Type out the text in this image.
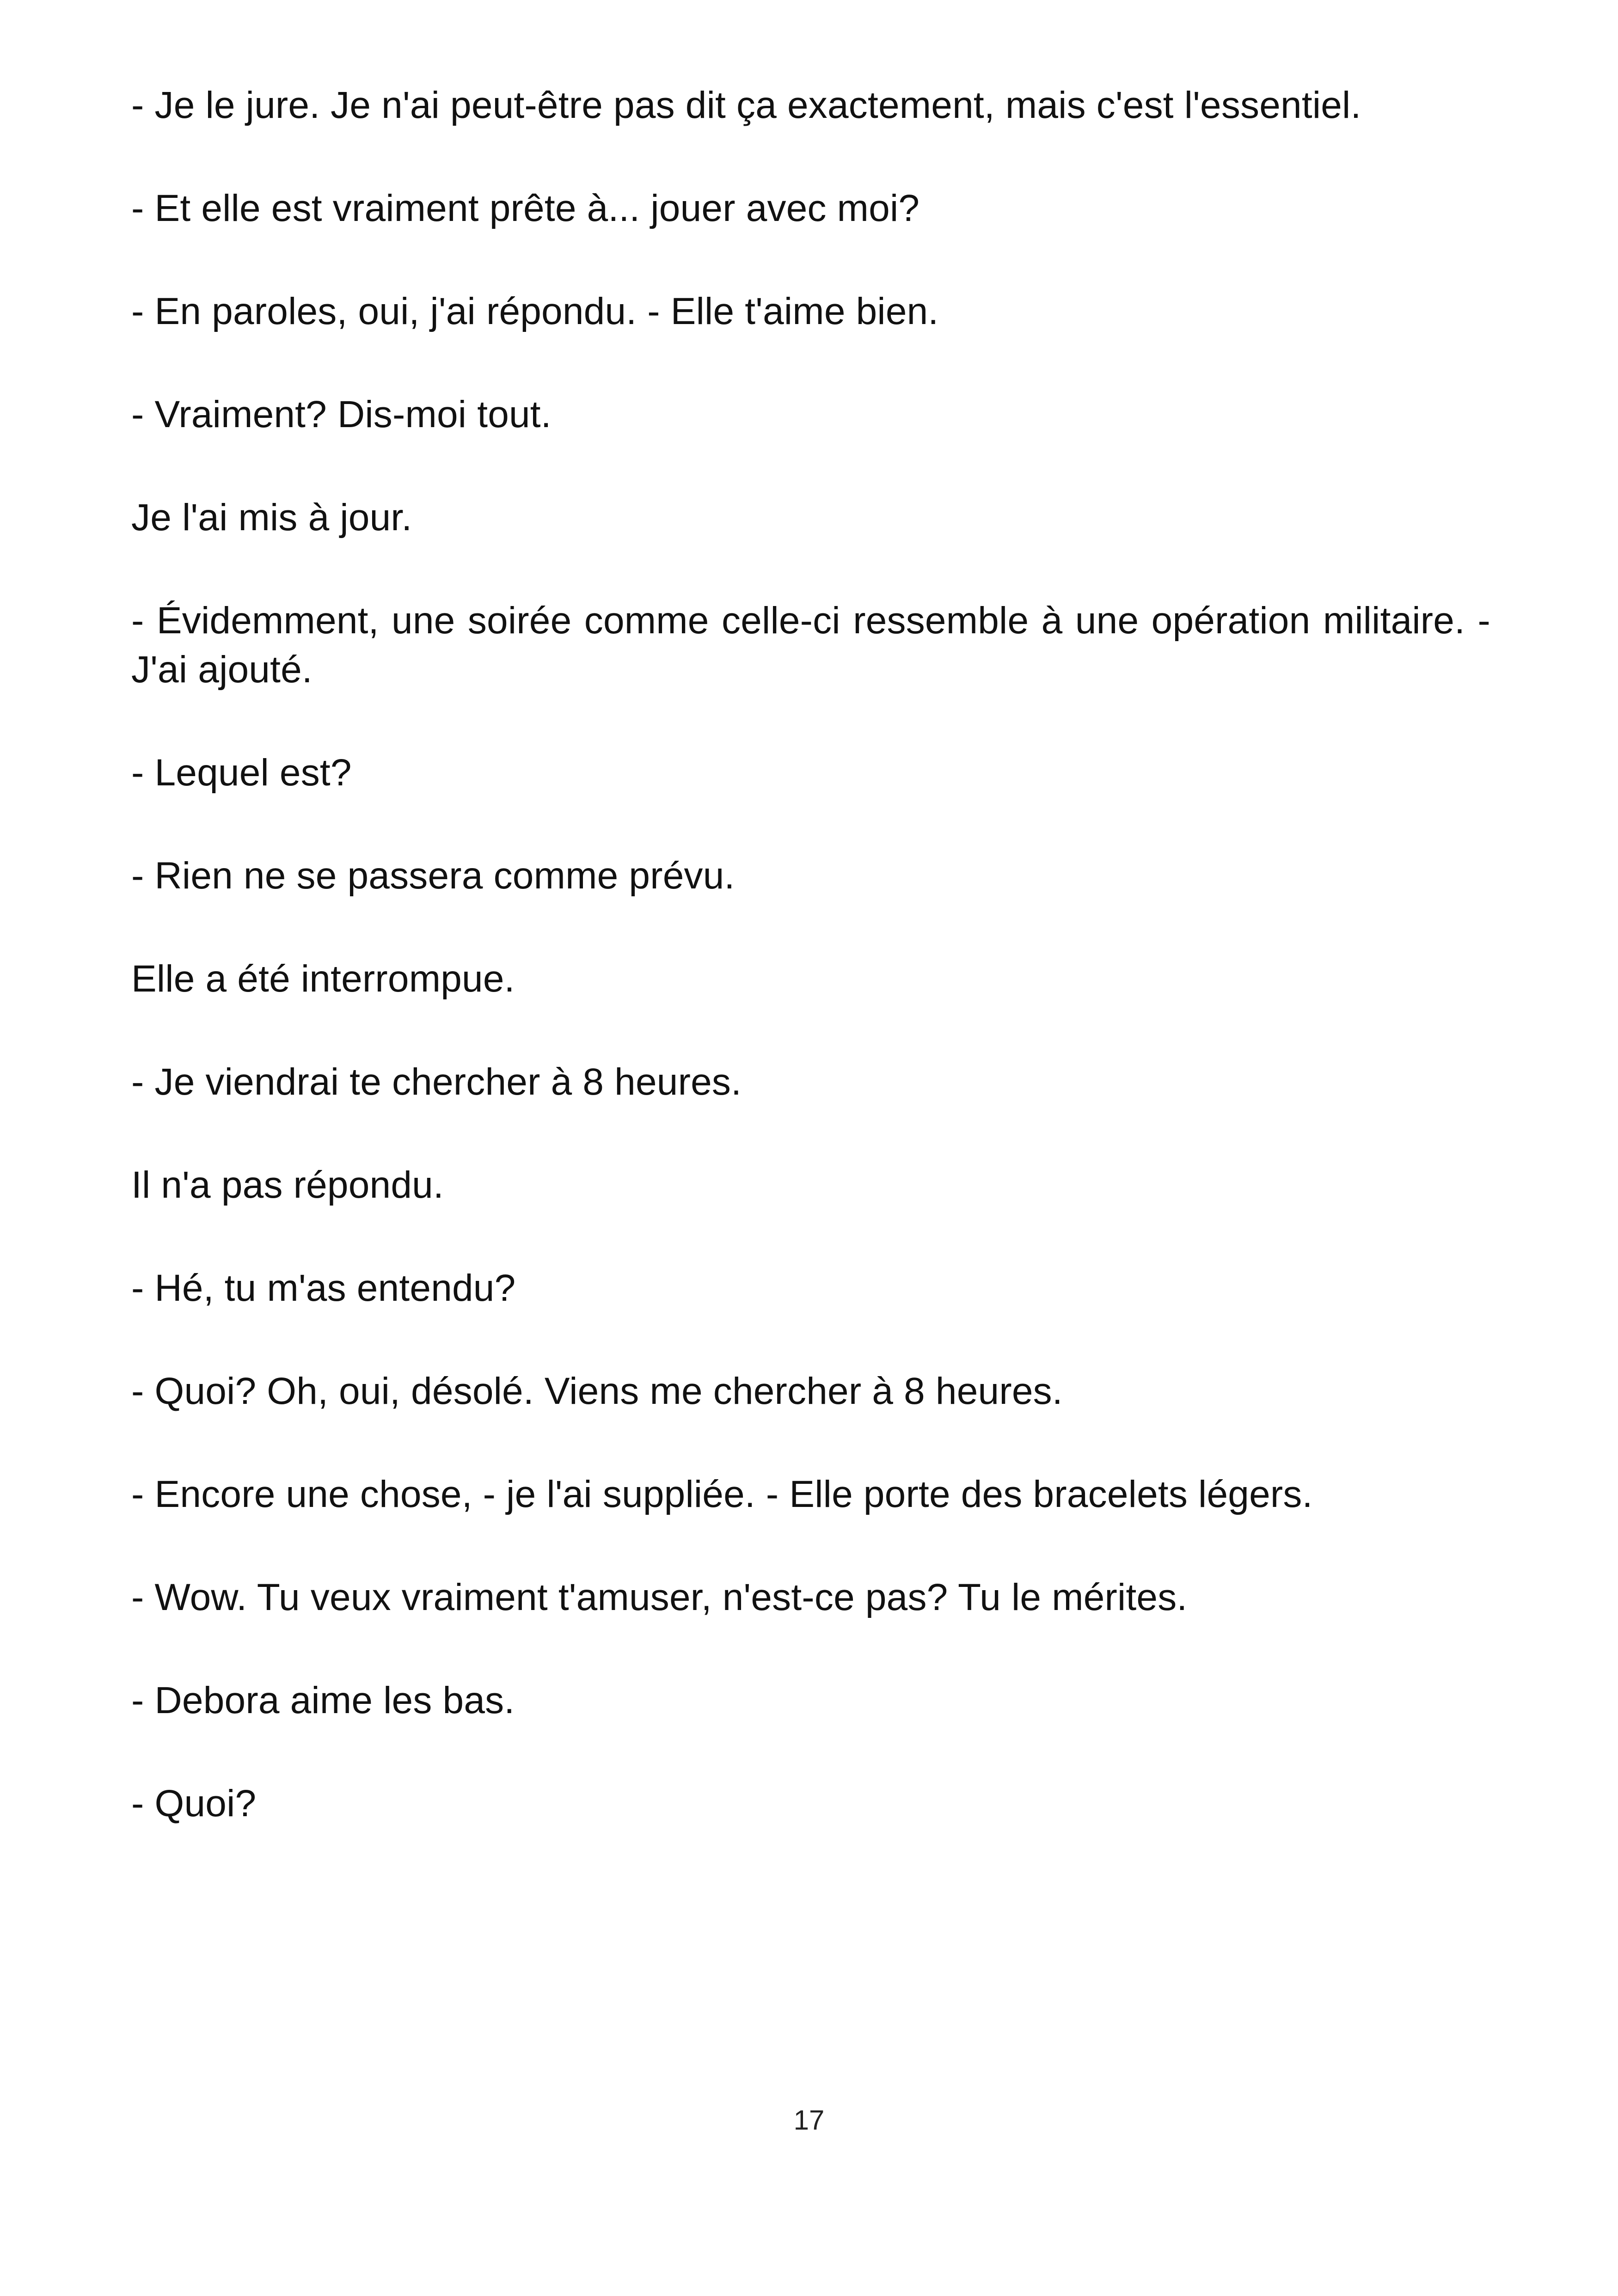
- Je le jure. Je n'ai peut-être pas dit ça exactement, mais c'est l'essentiel.

- Et elle est vraiment prête à... jouer avec moi?

- En paroles, oui, j'ai répondu. - Elle t'aime bien.

- Vraiment? Dis-moi tout.

Je l'ai mis à jour.

- Évidemment, une soirée comme celle-ci ressemble à une opération militaire. - J'ai ajouté.

- Lequel est?

- Rien ne se passera comme prévu.

Elle a été interrompue.

- Je viendrai te chercher à 8 heures.

Il n'a pas répondu.

- Hé, tu m'as entendu?

- Quoi? Oh, oui, désolé. Viens me chercher à 8 heures.

- Encore une chose, - je l'ai suppliée. - Elle porte des bracelets légers.

- Wow. Tu veux vraiment t'amuser, n'est-ce pas? Tu le mérites.

- Debora aime les bas.

- Quoi?

17
